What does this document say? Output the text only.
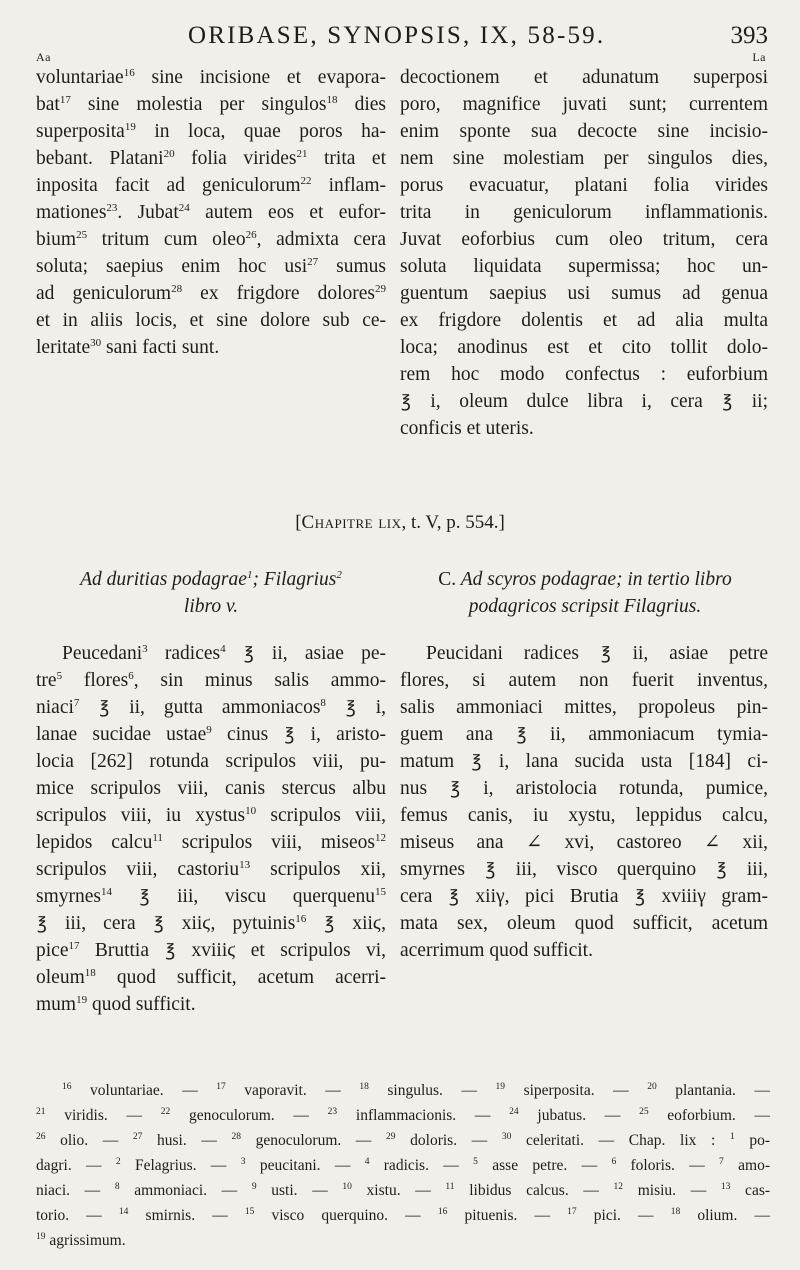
ORIBASE, SYNOPSIS, IX, 58-59.	393
Aa	La
voluntariae$^{16}$ sine incisione et evapora-
bat$^{17}$ sine molestia per singulos$^{18}$ dies
superposita$^{19}$ in loca, quae poros ha-
bebant. Platani$^{20}$ folia virides$^{21}$ trita et
inposita facit ad geniculorum$^{22}$ inflam-
mationes$^{23}$. Jubat$^{24}$ autem eos et eufor-
bium$^{25}$ tritum cum oleo$^{26}$, admixta cera
soluta; saepius enim hoc usi$^{27}$ sumus
ad geniculorum$^{28}$ ex frigdore dolores$^{29}$
et in aliis locis, et sine dolore sub ce-
leritate$^{30}$ sani facti sunt.
decoctionem et adunatum superposi
poro, magnifice juvati sunt; currentem
enim sponte sua decocte sine incisio-
nem sine molestiam per singulos dies,
porus evacuatur, platani folia virides
trita in geniculorum inflammationis.
Juvat eoforbius cum oleo tritum, cera
soluta liquidata supermissa; hoc un-
guentum saepius usi sumus ad genua
ex frigdore dolentis et ad alia multa
loca; anodinus est et cito tollit dolo-
rem hoc modo confectus : euforbium
℥ i, oleum dulce libra i, cera ℥ ii;
conficis et uteris.
[Chapitre lix, t. V, p. 554.]
Ad duritias podagrae$^1$; Filagrius$^2$
libro v.
C. Ad scyros podagrae; in tertio libro
podagricos scripsit Filagrius.
Peucedani$^3$ radices$^4$ ℥ ii, asiae pe-
tre$^5$ flores$^6$, sin minus salis ammo-
niaci$^7$ ℥ ii, gutta ammoniacos$^8$ ℥ i,
lanae sucidae ustae$^9$ cinus ℥ i, aristo-
locia [262] rotunda scripulos viii, pu-
mice scripulos viii, canis stercus albu
scripulos viii, iu xystus$^{10}$ scripulos viii,
lepidos calcu$^{11}$ scripulos viii, miseos$^{12}$
scripulos viii, castoriu$^{13}$ scripulos xii,
smyrnes$^{14}$ ℥ iii, viscu querquenu$^{15}$
℥ iii, cera ℥ xiiϛ, pytuinis$^{16}$ ℥ xiiϛ,
pice$^{17}$ Bruttia ℥ xviiiϛ et scripulos vi,
oleum$^{18}$ quod sufficit, acetum acerri-
mum$^{19}$ quod sufficit.
Peucidani radices ℥ ii, asiae petre
flores, si autem non fuerit inventus,
salis ammoniaci mittes, propoleus pin-
guem ana ℥ ii, ammoniacum tymia-
matum ℥ i, lana sucida usta [184] ci-
nus ℥ i, aristolocia rotunda, pumice,
femus canis, iu xystu, leppidus calcu,
miseus ana ∠ xvi, castoreo ∠ xii,
smyrnes ℥ iii, visco querquino ℥ iii,
cera ℥ xiiγ, pici Brutia ℥ xviiiγ gram-
mata sex, oleum quod sufficit, acetum
acerrimum quod sufficit.
$^{16}$ voluntariae. — $^{17}$ vaporavit. — $^{18}$ singulus. — $^{19}$ siperposita. — $^{20}$ plantania. —
$^{21}$ viridis. — $^{22}$ genoculorum. — $^{23}$ inflammacionis. — $^{24}$ jubatus. — $^{25}$ eoforbium. —
$^{26}$ olio. — $^{27}$ husi. — $^{28}$ genoculorum. — $^{29}$ doloris. — $^{30}$ celeritati. — Chap. lix : $^1$ po-
dagri. — $^2$ Felagrius. — $^3$ peucitani. — $^4$ radicis. — $^5$ asse petre. — $^6$ foloris. — $^7$ amo-
niaci. — $^8$ ammoniaci. — $^9$ usti. — $^{10}$ xistu. — $^{11}$ libidus calcus. — $^{12}$ misiu. — $^{13}$ cas-
torio. — $^{14}$ smirnis. — $^{15}$ visco querquino. — $^{16}$ pituenis. — $^{17}$ pici. — $^{18}$ olium. —
$^{19}$ agrissimum.
